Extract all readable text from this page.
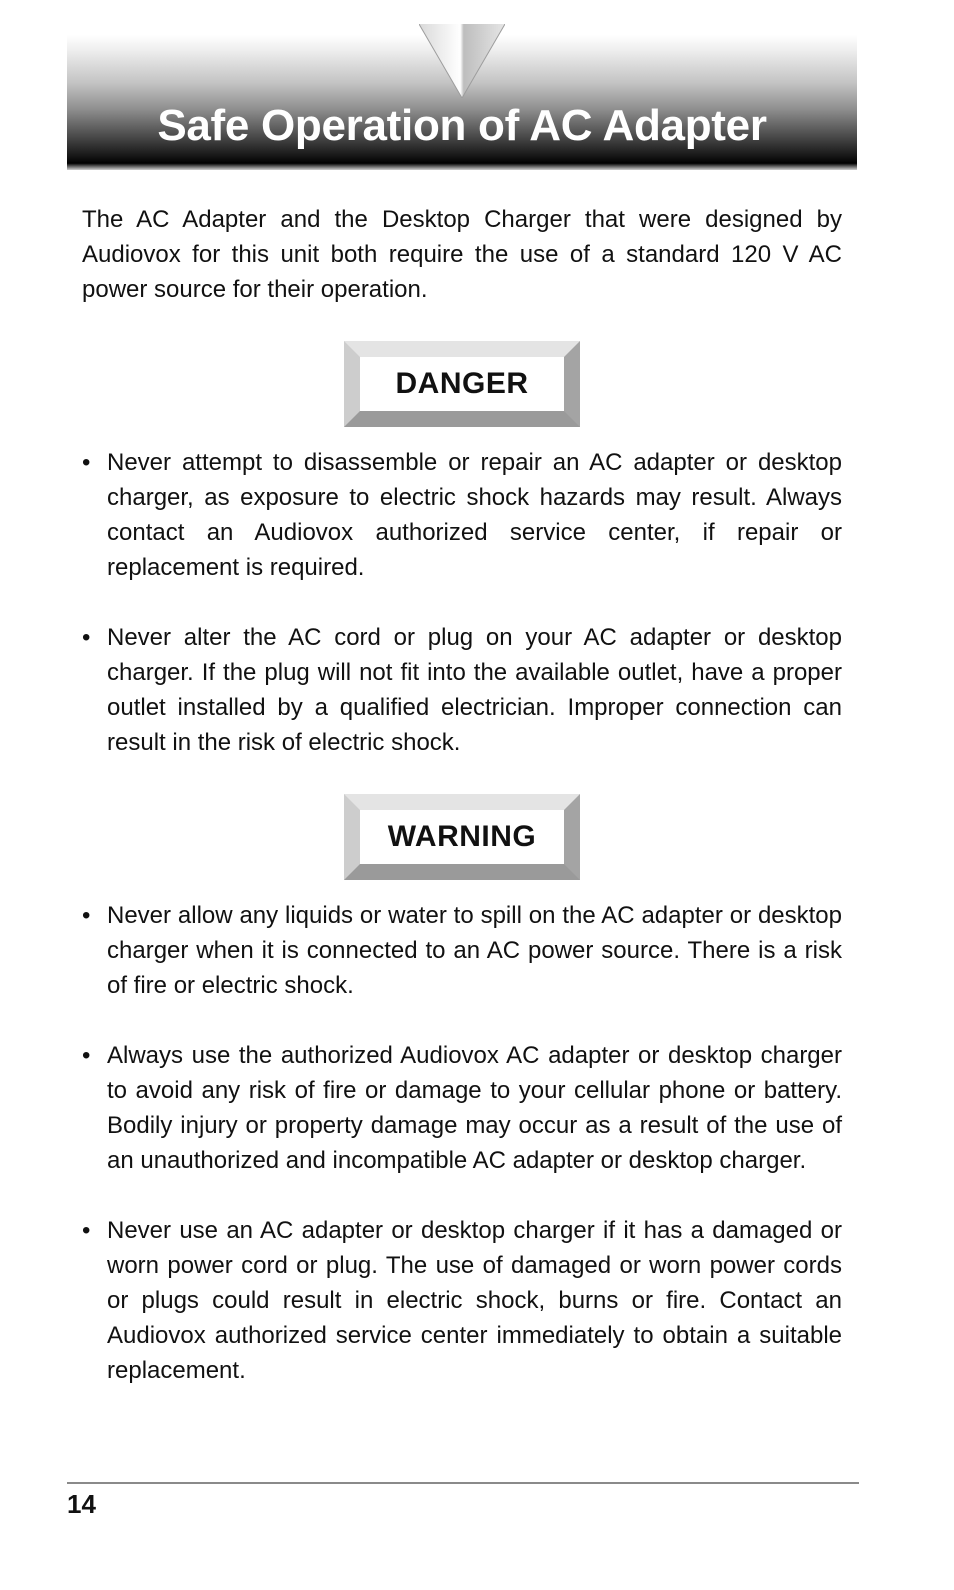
Safe Operation of AC Adapter

The AC Adapter and the Desktop Charger that were designed by Audiovox for this unit both require the use of a standard 120 V AC power source for their operation.

DANGER
• Never attempt to disassemble or repair an AC adapter or desktop charger, as exposure to electric shock hazards may result. Always contact an Audiovox authorized service center, if repair or replacement is required.
• Never alter the AC cord or plug on your AC adapter or desktop charger. If the plug will not fit into the available outlet, have a proper outlet installed by a qualified electrician. Improper connection can result in the risk of electric shock.
WARNING
• Never allow any liquids or water to spill on the AC adapter or desktop charger when it is connected to an AC power source. There is a risk of fire or electric shock.
• Always use the authorized Audiovox AC adapter or desktop charger to avoid any risk of fire or damage to your cellular phone or battery. Bodily injury or property damage may occur as a result of the use of an unauthorized and incompatible AC adapter or desktop charger.
• Never use an AC adapter or desktop charger if it has a damaged or worn power cord or plug. The use of damaged or worn power cords or plugs could result in electric shock, burns or fire. Contact an Audiovox authorized service center immediately to obtain a suitable replacement.
14
